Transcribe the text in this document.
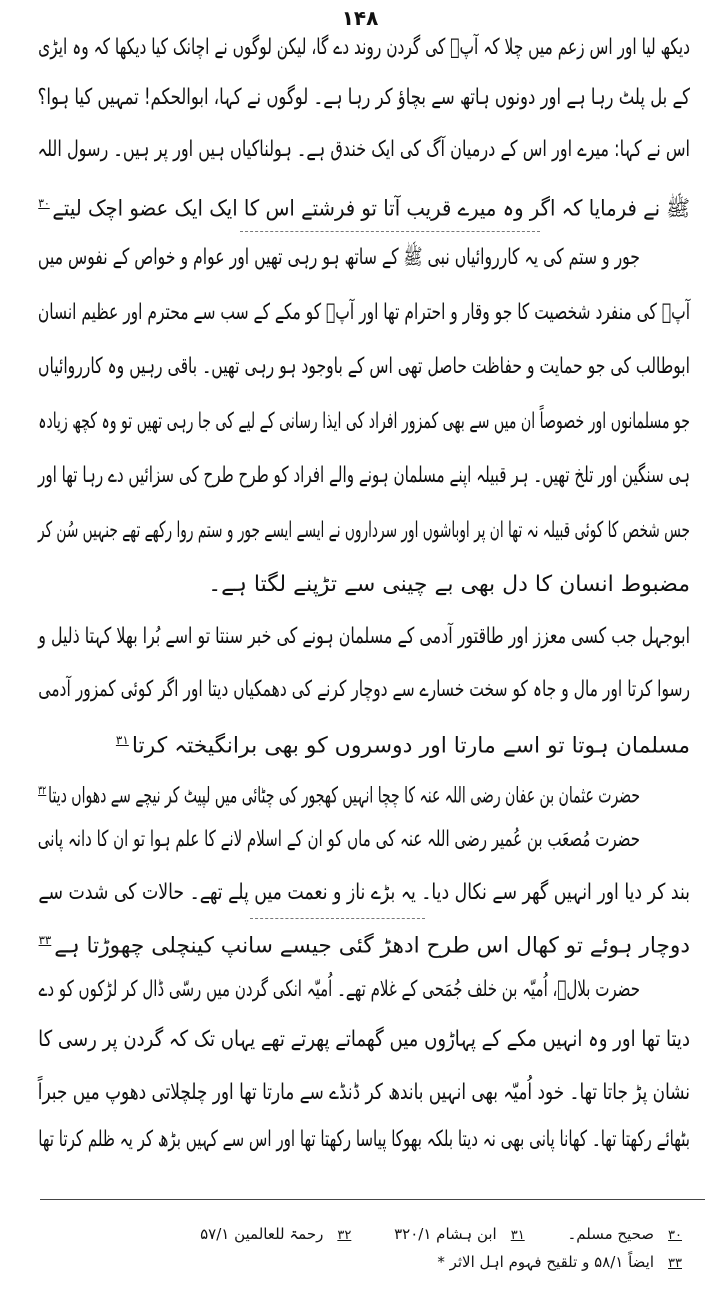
۱۴۸
دیکھ لیا اور اس زعم میں چلا کہ آپؐ کی گردن روند دے گا، لیکن لوگوں نے اچانک کیا دیکھا کہ وہ ایڑی
کے بل پلٹ رہا ہے اور دونوں ہاتھ سے بچاؤ کر رہا ہے۔ لوگوں نے کہا، ابوالحکم! تمہیں کیا ہوا؟
اس نے کہا: میرے اور اس کے درمیان آگ کی ایک خندق ہے۔ ہولناکیاں ہیں اور پر ہیں۔ رسول اللہ
ﷺ نے فرمایا کہ اگر وہ میرے قریب آتا تو فرشتے اس کا ایک ایک عضو اچک لیتے$^{۳۰}$
جور و ستم کی یہ کارروائیاں نبی ﷺ کے ساتھ ہو رہی تھیں اور عوام و خواص کے نفوس میں
آپؐ کی منفرد شخصیت کا جو وقار و احترام تھا اور آپؐ کو مکے کے سب سے محترم اور عظیم انسان
ابوطالب کی جو حمایت و حفاظت حاصل تھی اس کے باوجود ہو رہی تھیں۔ باقی رہیں وہ کارروائیاں
جو مسلمانوں اور خصوصاً ان میں سے بھی کمزور افراد کی ایذا رسانی کے لیے کی جا رہی تھیں تو وہ کچھ زیادہ
ہی سنگین اور تلخ تھیں۔ ہر قبیلہ اپنے مسلمان ہونے والے افراد کو طرح طرح کی سزائیں دے رہا تھا اور
جس شخص کا کوئی قبیلہ نہ تھا ان پر اوباشوں اور سرداروں نے ایسے ایسے جور و ستم روا رکھے تھے جنہیں سُن کر
مضبوط انسان کا دل بھی بے چینی سے تڑپنے لگتا ہے۔
ابوجہل جب کسی معزز اور طاقتور آدمی کے مسلمان ہونے کی خبر سنتا تو اسے بُرا بھلا کہتا ذلیل و
رسوا کرتا اور مال و جاہ کو سخت خسارے سے دوچار کرنے کی دھمکیاں دیتا اور اگر کوئی کمزور آدمی
مسلمان ہوتا تو اسے مارتا اور دوسروں کو بھی برانگیختہ کرتا$^{۳۱}$
حضرت عثمان بن عفان رضی اللہ عنہ کا چچا انہیں کھجور کی چٹائی میں لپیٹ کر نیچے سے دھواں دیتا$^{۳۲}$
حضرت مُصعَب بن عُمیر رضی اللہ عنہ کی ماں کو ان کے اسلام لانے کا علم ہوا تو ان کا دانہ پانی
بند کر دیا اور انہیں گھر سے نکال دیا۔ یہ بڑے ناز و نعمت میں پلے تھے۔ حالات کی شدت سے
دوچار ہوئے تو کھال اس طرح ادھڑ گئی جیسے سانپ کینچلی چھوڑتا ہے$^{۳۳}$
حضرت بلالؓ، اُمیّہ بن خلف جُمَحی کے غلام تھے۔ اُمیّہ انکی گردن میں رسّی ڈال کر لڑکوں کو دے
دیتا تھا اور وہ انہیں مکے کے پہاڑوں میں گھماتے پھرتے تھے یہاں تک کہ گردن پر رسی کا
نشان پڑ جاتا تھا۔ خود اُمیّہ بھی انہیں باندھ کر ڈنڈے سے مارتا تھا اور چلچلاتی دھوپ میں جبراً
بٹھائے رکھتا تھا۔ کھانا پانی بھی نہ دیتا بلکہ بھوکا پیاسا رکھتا تھا اور اس سے کہیں بڑھ کر یہ ظلم کرتا تھا
۳۰صحیح مسلم۔ ۳۱ابن ہشام ۳۲۰/۱ ۳۲رحمۃ للعالمین ۵۷/۱
۳۳ایضاً ۵۸/۱ و تلقیح فہوم اہل الاثر *
